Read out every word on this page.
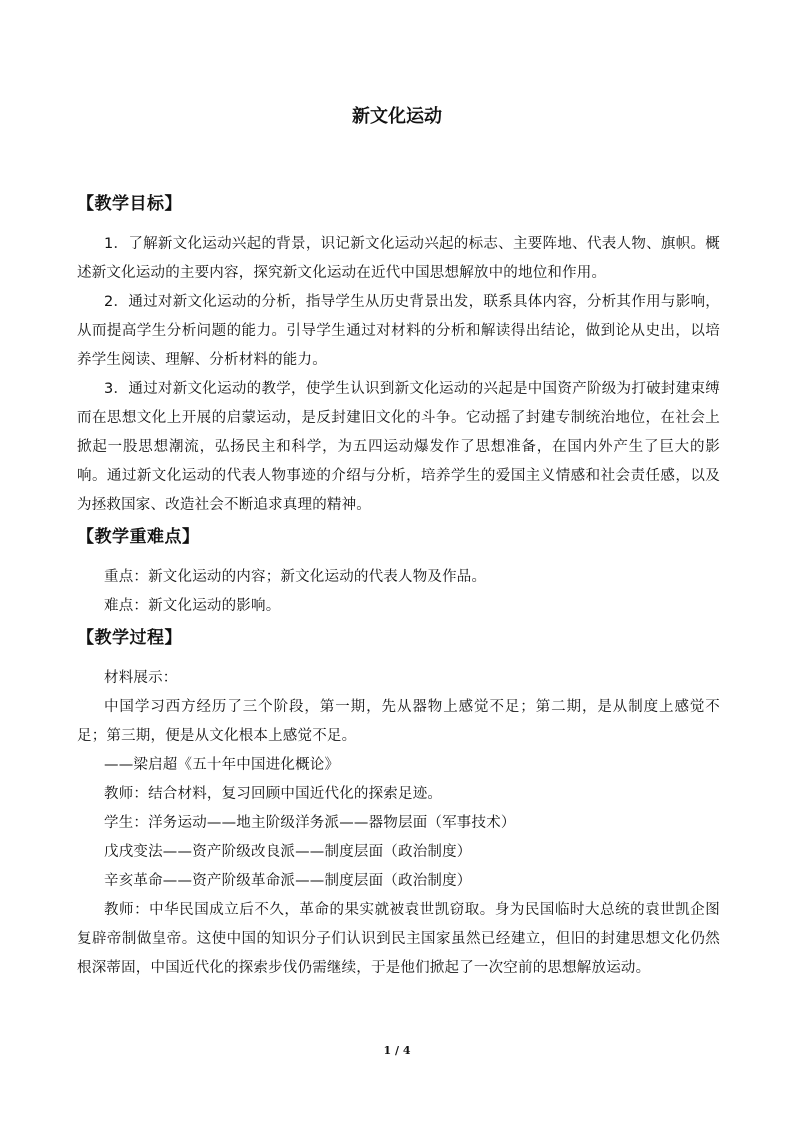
新文化运动
【教学目标】
1．了解新文化运动兴起的背景，识记新文化运动兴起的标志、主要阵地、代表人物、旗帜。概述新文化运动的主要内容，探究新文化运动在近代中国思想解放中的地位和作用。
2．通过对新文化运动的分析，指导学生从历史背景出发，联系具体内容，分析其作用与影响，从而提高学生分析问题的能力。引导学生通过对材料的分析和解读得出结论，做到论从史出，以培养学生阅读、理解、分析材料的能力。
3．通过对新文化运动的教学，使学生认识到新文化运动的兴起是中国资产阶级为打破封建束缚而在思想文化上开展的启蒙运动，是反封建旧文化的斗争。它动摇了封建专制统治地位，在社会上掀起一股思想潮流，弘扬民主和科学，为五四运动爆发作了思想准备，在国内外产生了巨大的影响。通过新文化运动的代表人物事迹的介绍与分析，培养学生的爱国主义情感和社会责任感，以及为拯救国家、改造社会不断追求真理的精神。
【教学重难点】
重点：新文化运动的内容；新文化运动的代表人物及作品。
难点：新文化运动的影响。
【教学过程】
材料展示：
中国学习西方经历了三个阶段，第一期，先从器物上感觉不足；第二期，是从制度上感觉不足；第三期，便是从文化根本上感觉不足。
——梁启超《五十年中国进化概论》
教师：结合材料，复习回顾中国近代化的探索足迹。
学生：洋务运动——地主阶级洋务派——器物层面（军事技术）
戊戌变法——资产阶级改良派——制度层面（政治制度）
辛亥革命——资产阶级革命派——制度层面（政治制度）
教师：中华民国成立后不久，革命的果实就被袁世凯窃取。身为民国临时大总统的袁世凯企图复辟帝制做皇帝。这使中国的知识分子们认识到民主国家虽然已经建立，但旧的封建思想文化仍然根深蒂固，中国近代化的探索步伐仍需继续，于是他们掀起了一次空前的思想解放运动。
1 / 4
